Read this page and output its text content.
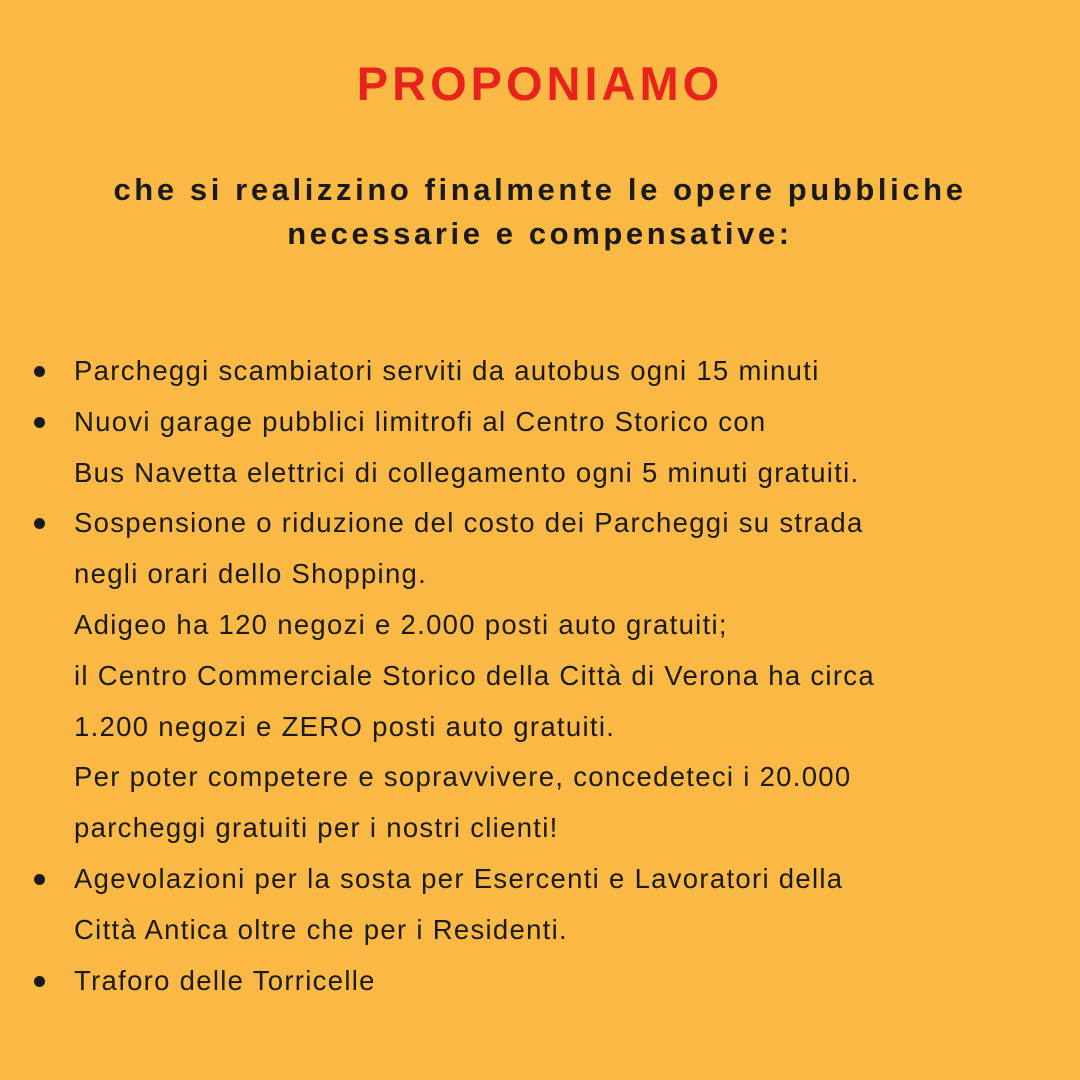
PROPONIAMO

che si realizzino finalmente le opere pubbliche
necessarie e compensative:

Parcheggi scambiatori serviti da autobus ogni 15 minuti
Nuovi garage pubblici limitrofi al Centro Storico con
Bus Navetta elettrici di collegamento ogni 5 minuti gratuiti.
Sospensione o riduzione del costo dei Parcheggi su strada
negli orari dello Shopping.
Adigeo ha 120 negozi e 2.000 posti auto gratuiti;
il Centro Commerciale Storico della Città di Verona ha circa
1.200 negozi e ZERO posti auto gratuiti.
Per poter competere e sopravvivere, concedeteci i 20.000
parcheggi gratuiti per i nostri clienti!
Agevolazioni per la sosta per Esercenti e Lavoratori della
Città Antica oltre che per i Residenti.
Traforo delle Torricelle
